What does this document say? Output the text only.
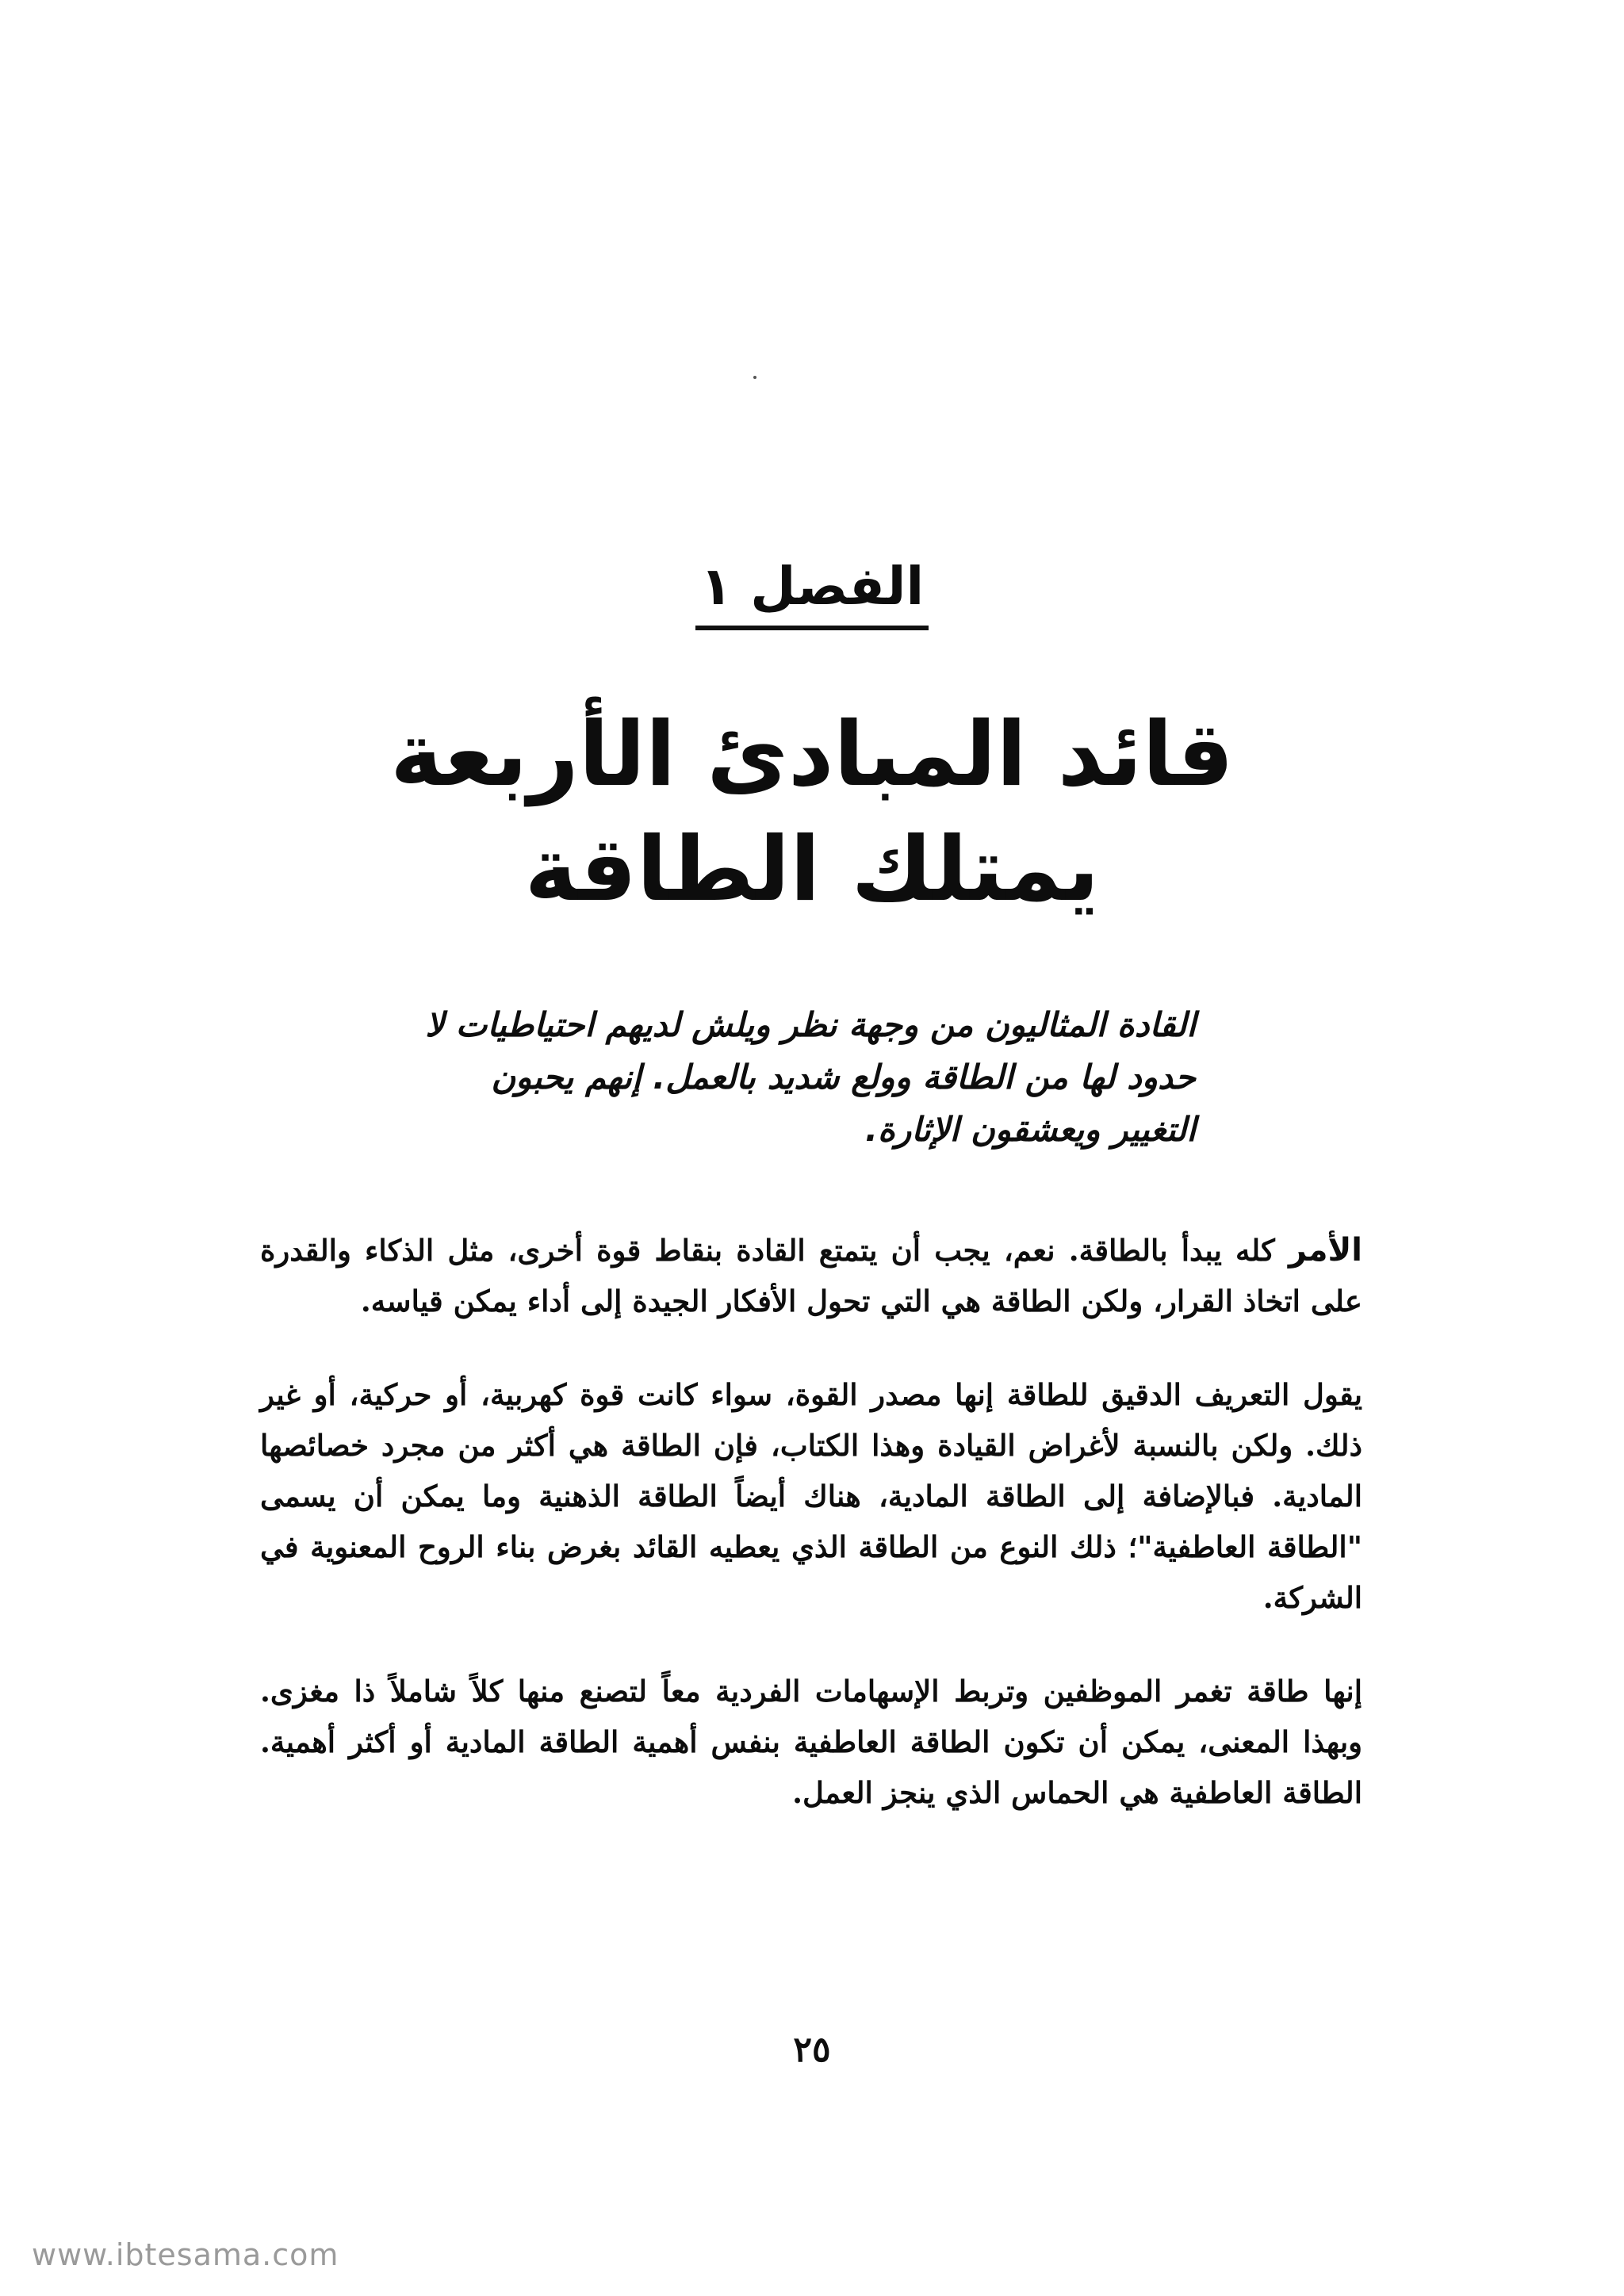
الفصل ١
قائد المبادئ الأربعة
يمتلك الطاقة
القادة المثاليون من وجهة نظر ويلش لديهم احتياطيات لا حدود لها من الطاقة وولع شديد بالعمل. إنهم يحبون التغيير ويعشقون الإثارة.

الأمر كله يبدأ بالطاقة. نعم، يجب أن يتمتع القادة بنقاط قوة أخرى، مثل الذكاء والقدرة على اتخاذ القرار، ولكن الطاقة هي التي تحول الأفكار الجيدة إلى أداء يمكن قياسه.

يقول التعريف الدقيق للطاقة إنها مصدر القوة، سواء كانت قوة كهربية، أو حركية، أو غير ذلك. ولكن بالنسبة لأغراض القيادة وهذا الكتاب، فإن الطاقة هي أكثر من مجرد خصائصها المادية. فبالإضافة إلى الطاقة المادية، هناك أيضاً الطاقة الذهنية وما يمكن أن يسمى "الطاقة العاطفية"؛ ذلك النوع من الطاقة الذي يعطيه القائد بغرض بناء الروح المعنوية في الشركة.

إنها طاقة تغمر الموظفين وتربط الإسهامات الفردية معاً لتصنع منها كلاً شاملاً ذا مغزى. وبهذا المعنى، يمكن أن تكون الطاقة العاطفية بنفس أهمية الطاقة المادية أو أكثر أهمية. الطاقة العاطفية هي الحماس الذي ينجز العمل.

٢٥
www.ibtesama.com
